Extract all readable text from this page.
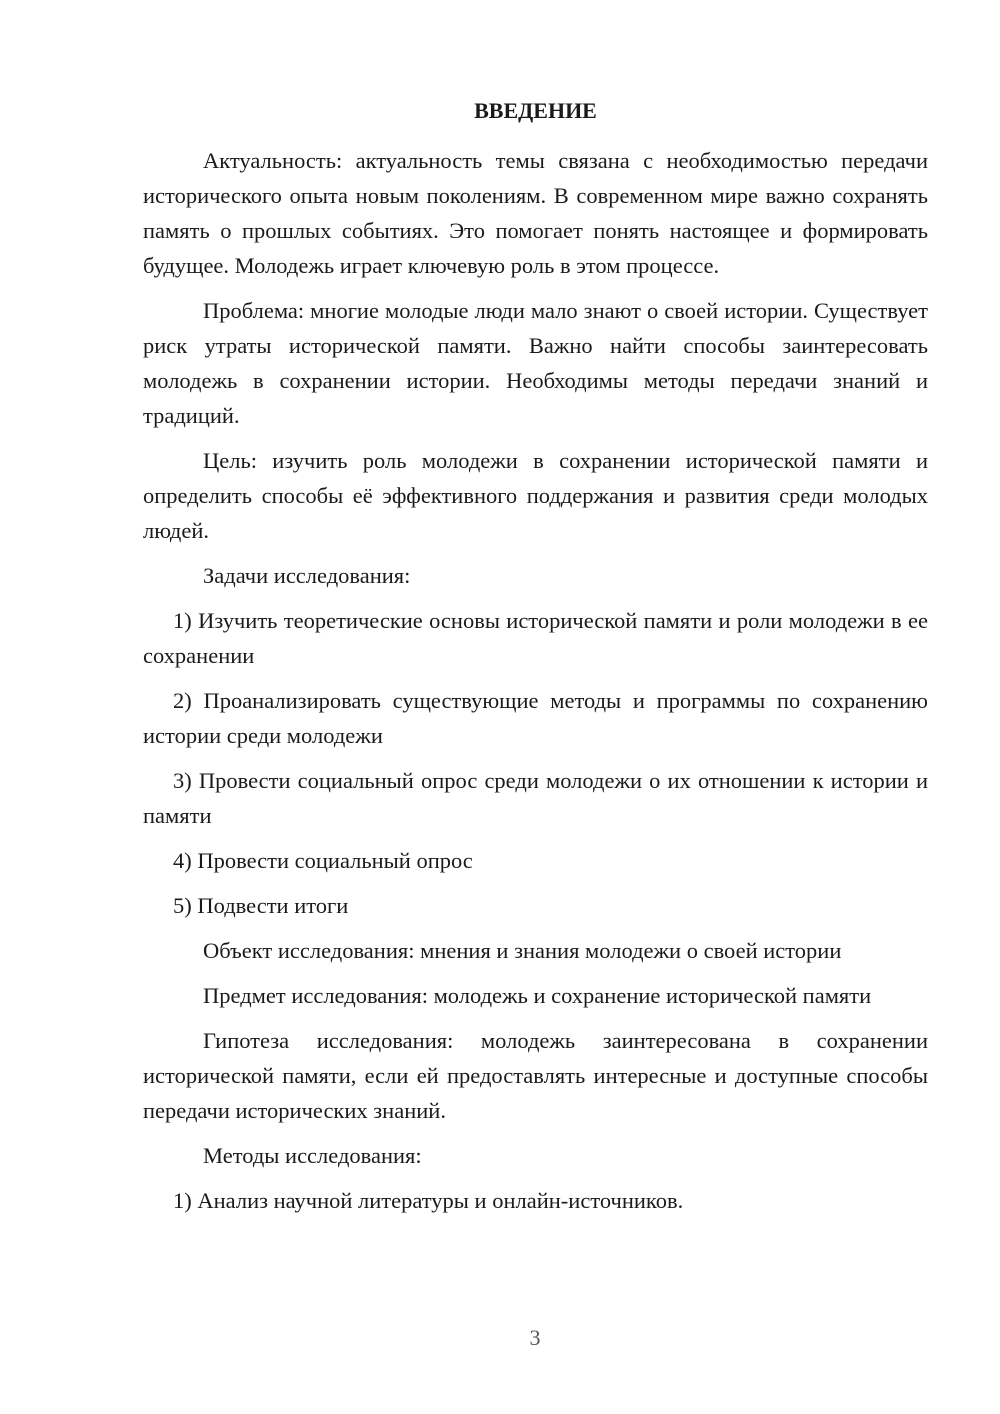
ВВЕДЕНИЕ

Актуальность: актуальность темы связана с необходимостью передачи исторического опыта новым поколениям. В современном мире важно сохранять память о прошлых событиях. Это помогает понять настоящее и формировать будущее. Молодежь играет ключевую роль в этом процессе.

Проблема: многие молодые люди мало знают о своей истории. Существует риск утраты исторической памяти. Важно найти способы заинтересовать молодежь в сохранении истории. Необходимы методы передачи знаний и традиций.

Цель: изучить роль молодежи в сохранении исторической памяти и определить способы её эффективного поддержания и развития среди молодых людей.

Задачи исследования:

1) Изучить теоретические основы исторической памяти и роли молодежи в ее сохранении

2) Проанализировать существующие методы и программы по сохранению истории среди молодежи

3) Провести социальный опрос среди молодежи о их отношении к истории и памяти

4) Провести социальный опрос

5) Подвести итоги

Объект исследования: мнения и знания молодежи о своей истории

Предмет исследования: молодежь и сохранение исторической памяти

Гипотеза исследования: молодежь заинтересована в сохранении исторической памяти, если ей предоставлять интересные и доступные способы передачи исторических знаний.

Методы исследования:

1) Анализ научной литературы и онлайн-источников.

3
